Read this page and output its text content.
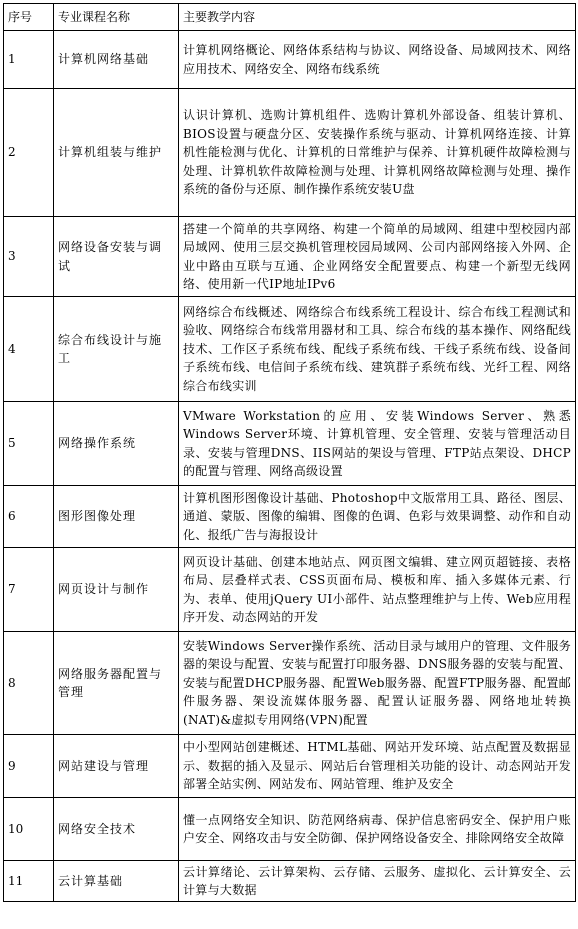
序号	专业课程名称	主要教学内容
1	计算机网络基础	计算机网络概论、网络体系结构与协议、网络设备、局域网技术、网络应用技术、网络安全、网络布线系统
2	计算机组装与维护	认识计算机、选购计算机组件、选购计算机外部设备、组装计算机、BIOS设置与硬盘分区、安装操作系统与驱动、计算机网络连接、计算机性能检测与优化、计算机的日常维护与保养、计算机硬件故障检测与处理、计算机软件故障检测与处理、计算机网络故障检测与处理、操作系统的备份与还原、制作操作系统安装U盘
3	网络设备安装与调试	搭建一个简单的共享网络、构建一个简单的局域网、组建中型校园内部局域网、使用三层交换机管理校园局域网、公司内部网络接入外网、企业中路由互联与互通、企业网络安全配置要点、构建一个新型无线网络、使用新一代IP地址IPv6
4	综合布线设计与施工	网络综合布线概述、网络综合布线系统工程设计、综合布线工程测试和验收、网络综合布线常用器材和工具、综合布线的基本操作、网络配线技术、工作区子系统布线、配线子系统布线、干线子系统布线、设备间子系统布线、电信间子系统布线、建筑群子系统布线、光纤工程、网络综合布线实训
5	网络操作系统	VMware Workstation的应用、安装Windows Server、熟悉Windows Server环境、计算机管理、安全管理、安装与管理活动目录、安装与管理DNS、IIS网站的架设与管理、FTP站点架设、DHCP的配置与管理、网络高级设置
6	图形图像处理	计算机图形图像设计基础、Photoshop中文版常用工具、路径、图层、通道、蒙版、图像的编辑、图像的色调、色彩与效果调整、动作和自动化、报纸广告与海报设计
7	网页设计与制作	网页设计基础、创建本地站点、网页图文编辑、建立网页超链接、表格布局、层叠样式表、CSS页面布局、模板和库、插入多媒体元素、行为、表单、使用jQuery UI小部件、站点整理维护与上传、Web应用程序开发、动态网站的开发
8	网络服务器配置与管理	安装Windows Server操作系统、活动目录与域用户的管理、文件服务器的架设与配置、安装与配置打印服务器、DNS服务器的安装与配置、安装与配置DHCP服务器、配置Web服务器、配置FTP服务器、配置邮件服务器、架设流媒体服务器、配置认证服务器、网络地址转换(NAT)&虚拟专用网络(VPN)配置
9	网站建设与管理	中小型网站创建概述、HTML基础、网站开发环境、站点配置及数据显示、数据的插入及显示、网站后台管理相关功能的设计、动态网站开发部署全站实例、网站发布、网站管理、维护及安全
10	网络安全技术	懂一点网络安全知识、防范网络病毒、保护信息密码安全、保护用户账户安全、网络攻击与安全防御、保护网络设备安全、排除网络安全故障
11	云计算基础	云计算绪论、云计算架构、云存储、云服务、虚拟化、云计算安全、云计算与大数据
